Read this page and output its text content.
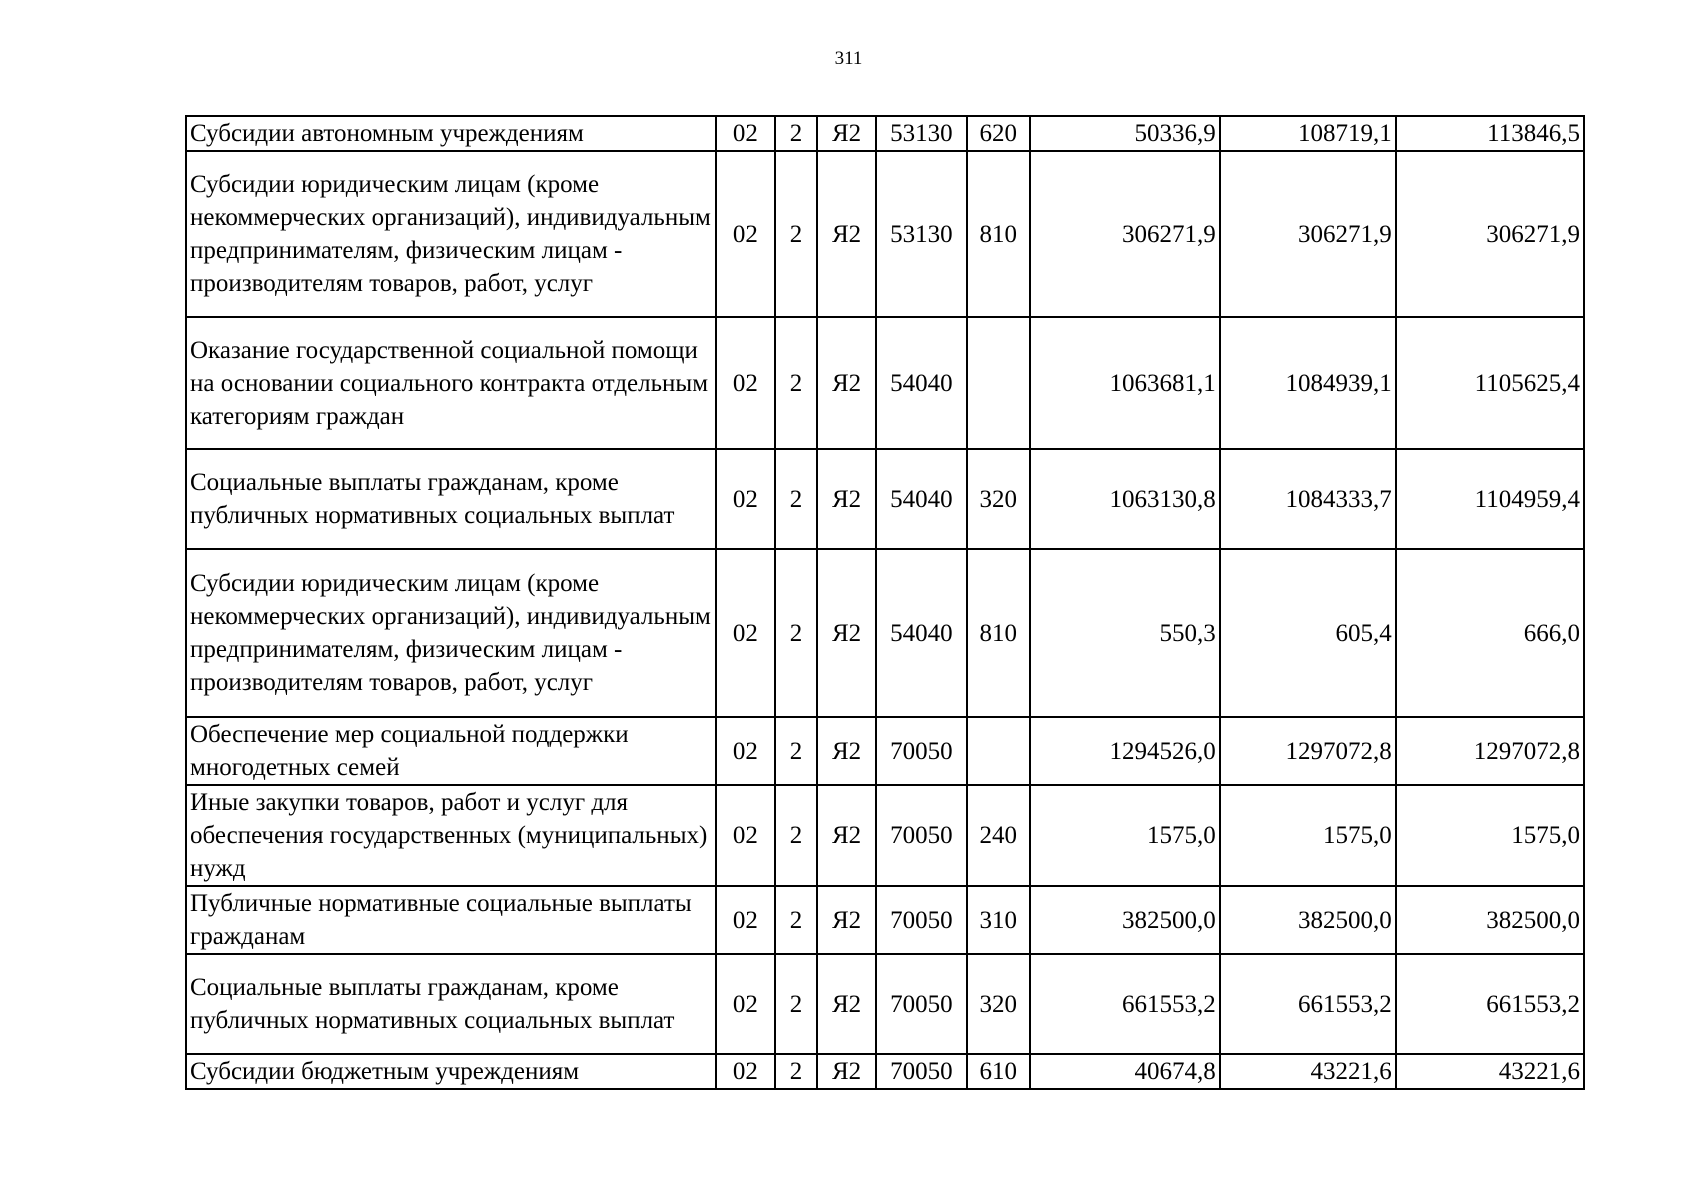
311
Субсидии автономным учреждениям	02	2	Я2	53130	620	50336,9	108719,1	113846,5
Субсидии юридическим лицам (кроме некоммерческих организаций), индивидуальным предпринимателям, физическим лицам - производителям товаров, работ, услуг	02	2	Я2	53130	810	306271,9	306271,9	306271,9
Оказание государственной социальной помощи на основании социального контракта отдельным категориям граждан	02	2	Я2	54040		1063681,1	1084939,1	1105625,4
Социальные выплаты гражданам, кроме публичных нормативных социальных выплат	02	2	Я2	54040	320	1063130,8	1084333,7	1104959,4
Субсидии юридическим лицам (кроме некоммерческих организаций), индивидуальным предпринимателям, физическим лицам - производителям товаров, работ, услуг	02	2	Я2	54040	810	550,3	605,4	666,0
Обеспечение мер социальной поддержки многодетных семей	02	2	Я2	70050		1294526,0	1297072,8	1297072,8
Иные закупки товаров, работ и услуг для обеспечения государственных (муниципальных) нужд	02	2	Я2	70050	240	1575,0	1575,0	1575,0
Публичные нормативные социальные выплаты гражданам	02	2	Я2	70050	310	382500,0	382500,0	382500,0
Социальные выплаты гражданам, кроме публичных нормативных социальных выплат	02	2	Я2	70050	320	661553,2	661553,2	661553,2
Субсидии бюджетным учреждениям	02	2	Я2	70050	610	40674,8	43221,6	43221,6
